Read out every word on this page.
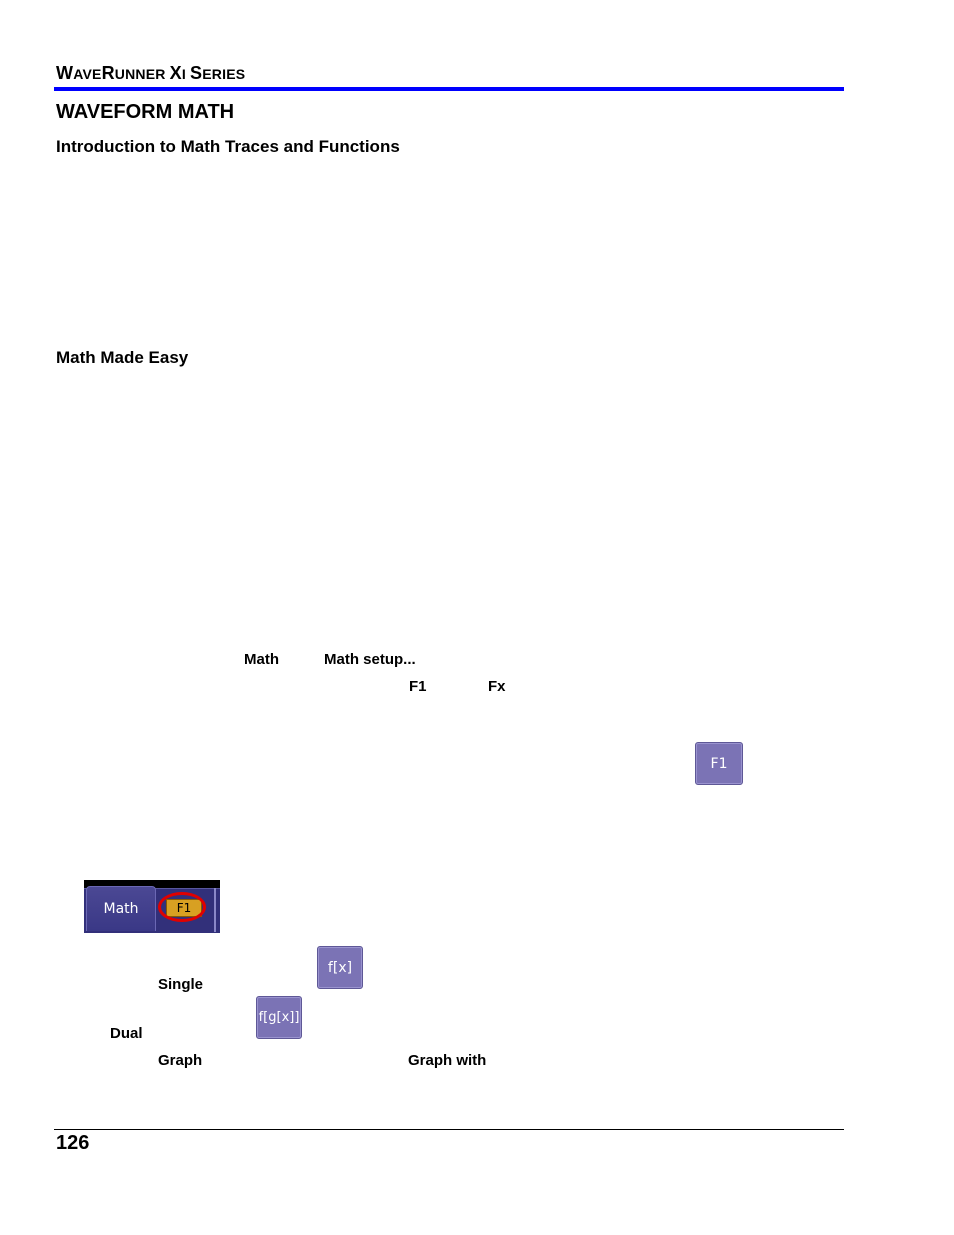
WAVERUNNER XI SERIES
WAVEFORM MATH
Introduction to Math Traces and Functions
Math Made Easy
Math	Math setup...
F1	Fx
F1
Math	F1
f[x]
Single
f[g[x]]
Dual
Graph	Graph with
126
